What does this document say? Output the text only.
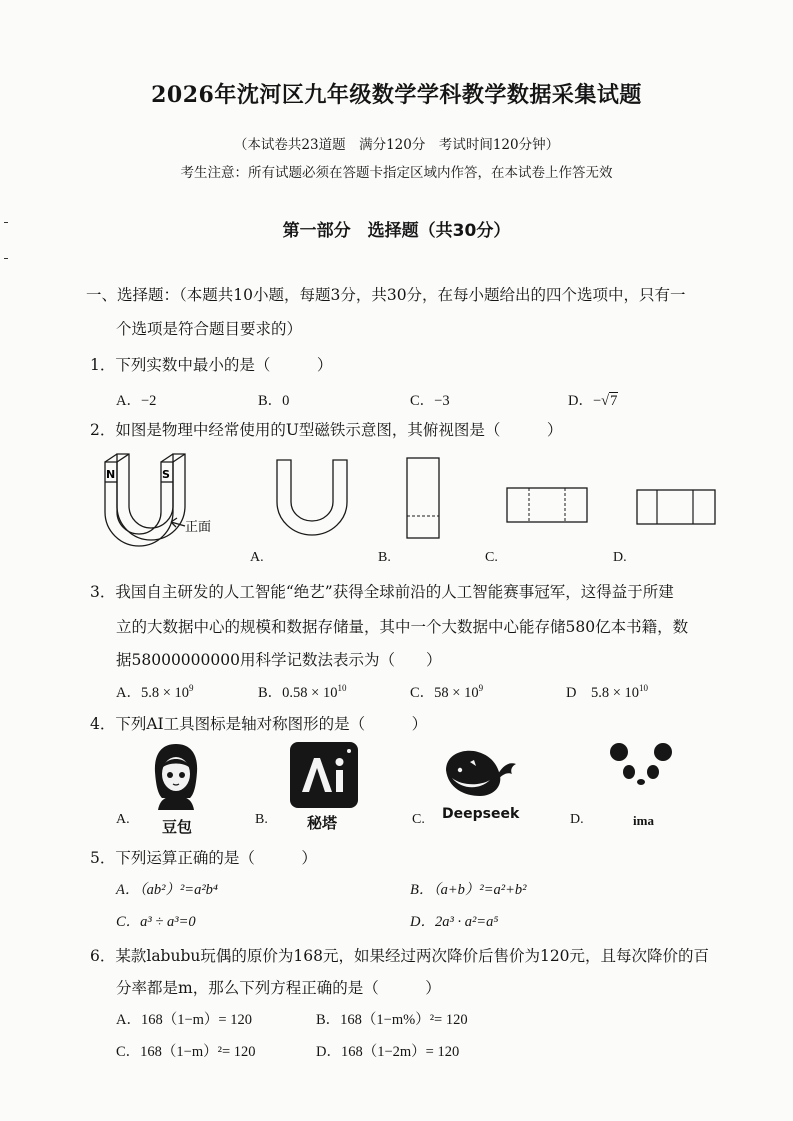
2026年沈河区九年级数学学科教学数据采集试题
（本试卷共23道题　满分120分　考试时间120分钟）
考生注意：所有试题必须在答题卡指定区域内作答，在本试卷上作答无效
第一部分　选择题（共30分）
一、选择题：（本题共10小题，每题3分，共30分，在每小题给出的四个选项中，只有一
个选项是符合题目要求的）
1．下列实数中最小的是（　　　）
A．−2	B．0	C．−3	D．−√7
2．如图是物理中经常使用的U型磁铁示意图，其俯视图是（　　　）
N	S
正面
A.	B.	C.	D.
3．我国自主研发的人工智能“绝艺”获得全球前沿的人工智能赛事冠军，这得益于所建
立的大数据中心的规模和数据存储量，其中一个大数据中心能存储580亿本书籍，数
据58000000000用科学记数法表示为（　　）
A．$5.8 \times 10^9$	B．$0.58 \times 10^{10}$	C．$58 \times 10^9$	D　$5.8 \times 10^{10}$
4．下列AI工具图标是轴对称图形的是（　　　）
A. 豆包	B.	秘塔	C. Deepseek	D.	ima
5．下列运算正确的是（　　　）
A．（ab²）²=a²b⁴	B．（a+b）²=a²+b²
C．a³ ÷ a³=0	D．2a³ · a²=a⁵
6．某款labubu玩偶的原价为168元，如果经过两次降价后售价为120元，且每次降价的百
分率都是m，那么下列方程正确的是（　　　）
A．168（1−m）= 120	B．168（1−m%）²= 120
C．168（1−m）²= 120	D．168（1−2m）= 120
